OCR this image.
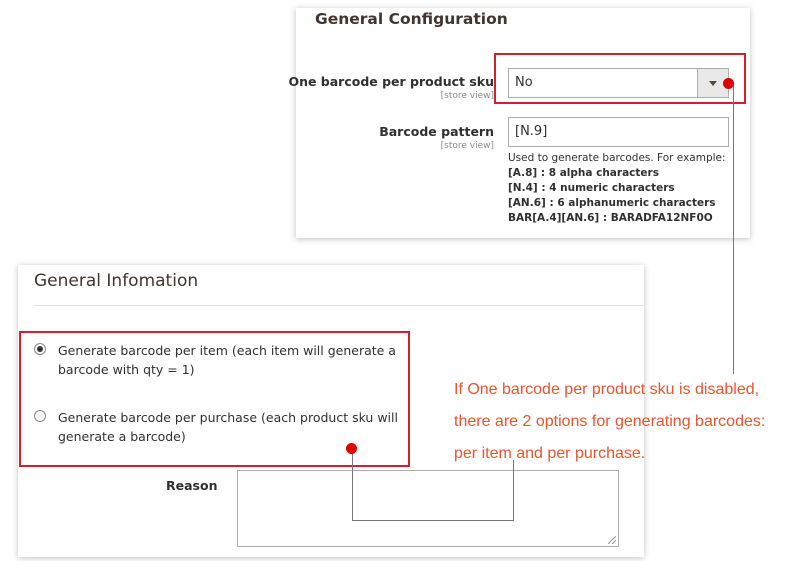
General Configuration
One barcode per product sku
[store view]
No
Barcode pattern
[store view]
[N.9]
Used to generate barcodes. For example:
[A.8] : 8 alpha characters
[N.4] : 4 numeric characters
[AN.6] : 6 alphanumeric characters
BAR[A.4][AN.6] : BARADFA12NF0O
General Infomation
Generate barcode per item (each item will generate a
barcode with qty = 1)
Generate barcode per purchase (each product sku will
generate a barcode)
Reason
If One barcode per product sku is disabled,
there are 2 options for generating barcodes:
per item and per purchase.
